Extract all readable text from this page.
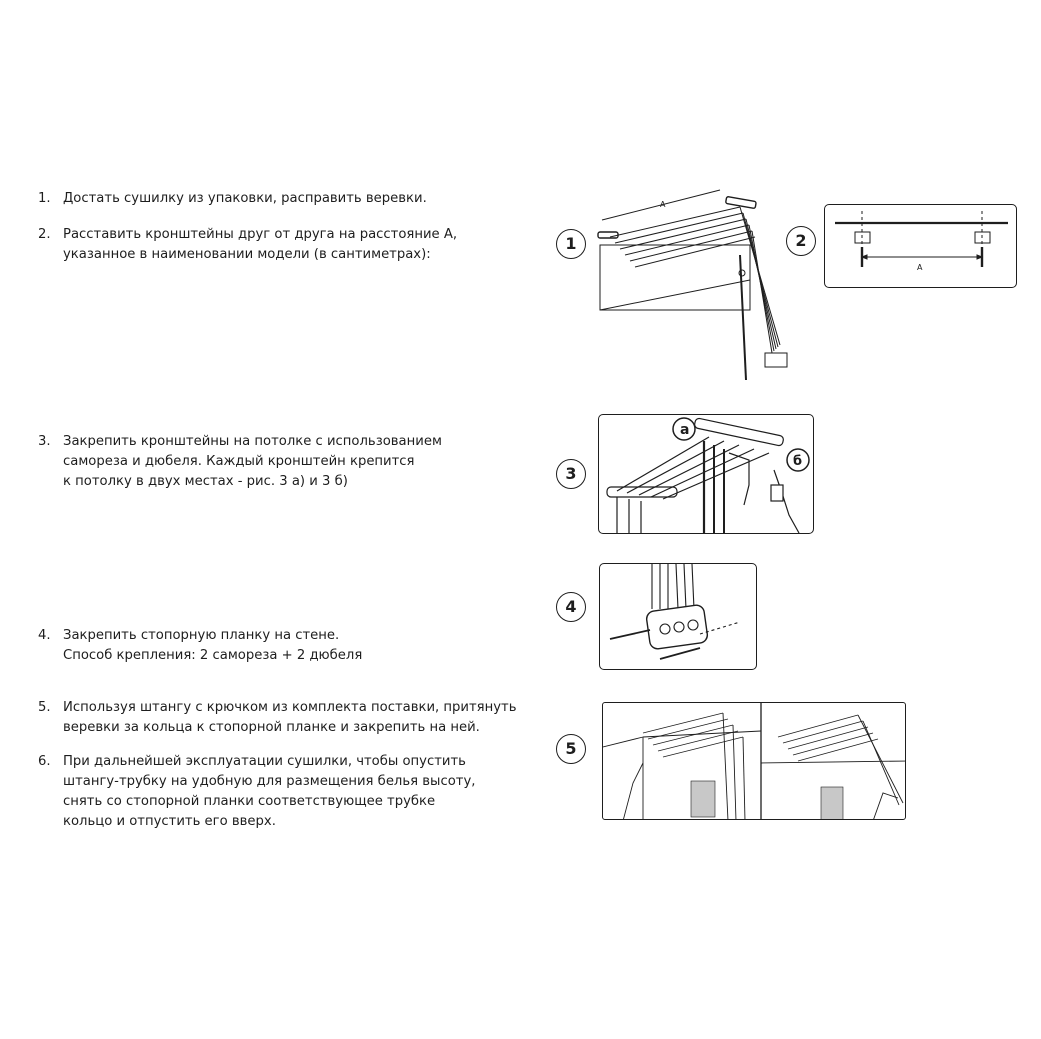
1. Достать сушилку из упаковки, расправить веревки.
2. Расставить кронштейны друг от друга на расстояние А,
указанное в наименовании модели (в сантиметрах):
3. Закрепить кронштейны на потолке с использованием
самореза и дюбеля. Каждый кронштейн крепится
к потолку в двух местах - рис. 3 а) и 3 б)
4. Закрепить стопорную планку на стене.
Способ крепления: 2 самореза + 2 дюбеля
5. Используя штангу с крючком из комплекта поставки, притянуть
веревки за кольца к стопорной планке и закрепить на ней.
6. При дальнейшей эксплуатации сушилки, чтобы опустить
штангу-трубку на удобную для размещения белья высоту,
снять со стопорной планки соответствующее трубке
кольцо и отпустить его вверх.
1
A
2
A
3
а
б
4
5
